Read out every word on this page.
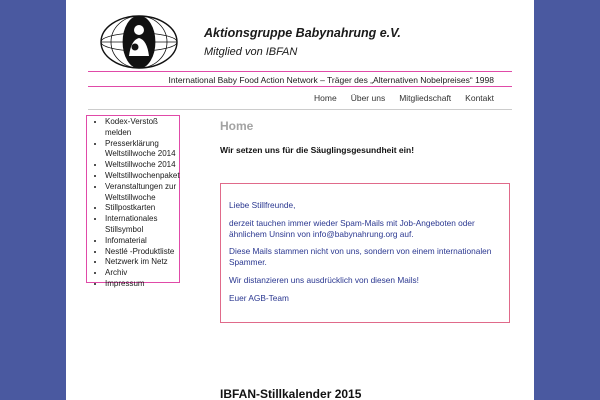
Aktionsgruppe Babynahrung e.V.
Mitglied von IBFAN
International Baby Food Action Network – Träger des „Alternativen Nobelpreises“ 1998
Home Über uns Mitgliedschaft Kontakt
• Kodex-Verstoß melden
• Presserklärung Weltstillwoche 2014
• Weltstillwoche 2014
• Weltstillwochenpaket
• Veranstaltungen zur Weltstillwoche
• Stillpostkarten
• Internationales Stillsymbol
• Infomaterial
• Nestlé -Produktliste
• Netzwerk im Netz
• Archiv
• Impressum
Home
Wir setzen uns für die Säuglingsgesundheit ein!

Liebe Stillfreunde,

derzeit tauchen immer wieder Spam-Mails mit Job-Angeboten oder ähnlichem Unsinn von info@babynahrung.org auf.

Diese Mails stammen nicht von uns, sondern von einem internationalen Spammer.

Wir distanzieren uns ausdrücklich von diesen Mails!

Euer AGB-Team

IBFAN-Stillkalender 2015
